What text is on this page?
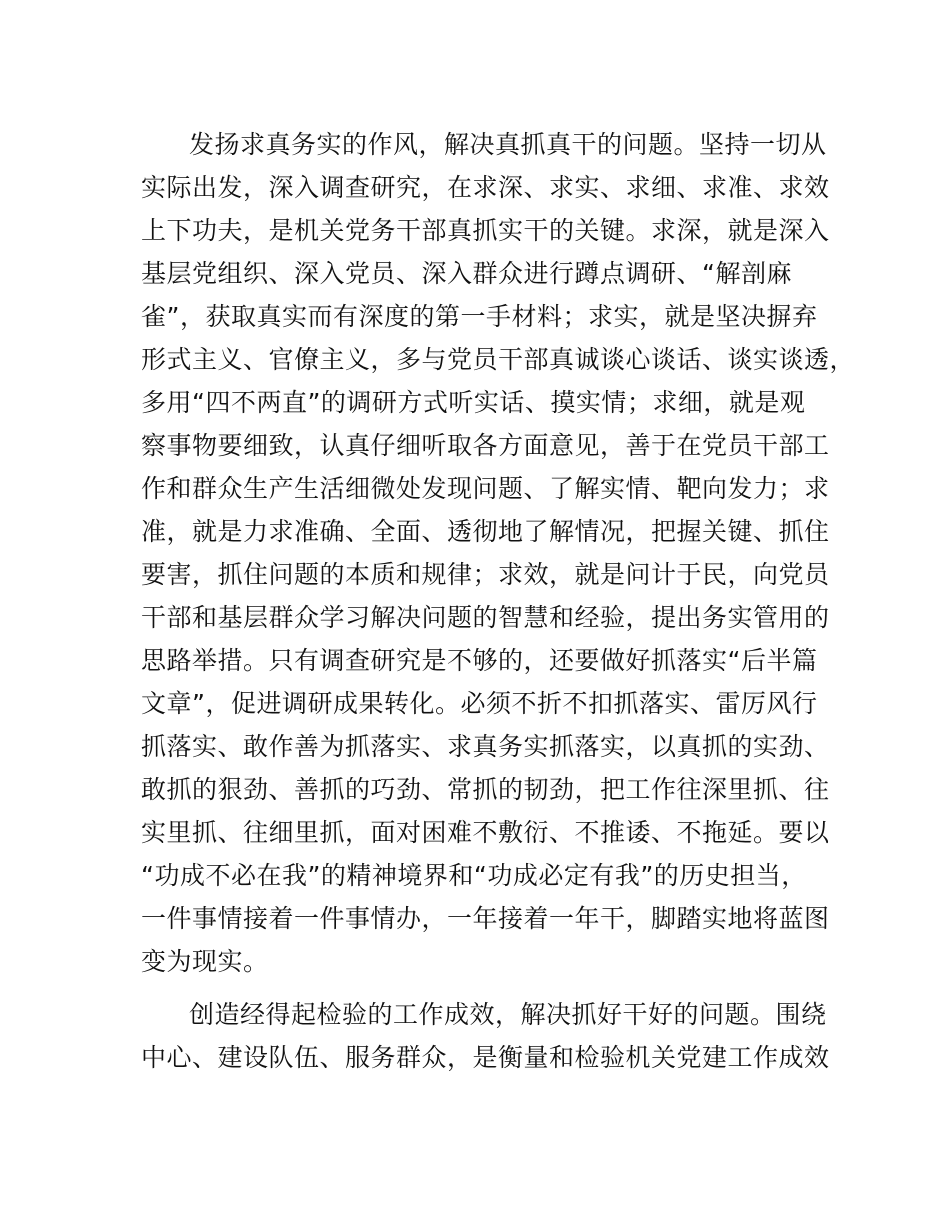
发扬求真务实的作风，解决真抓真干的问题。坚持一切从
实际出发，深入调查研究，在求深、求实、求细、求准、求效
上下功夫，是机关党务干部真抓实干的关键。求深，就是深入
基层党组织、深入党员、深入群众进行蹲点调研、“解剖麻
雀”，获取真实而有深度的第一手材料；求实，就是坚决摒弃
形式主义、官僚主义，多与党员干部真诚谈心谈话、谈实谈透，
多用“四不两直”的调研方式听实话、摸实情；求细，就是观
察事物要细致，认真仔细听取各方面意见，善于在党员干部工
作和群众生产生活细微处发现问题、了解实情、靶向发力；求
准，就是力求准确、全面、透彻地了解情况，把握关键、抓住
要害，抓住问题的本质和规律；求效，就是问计于民，向党员
干部和基层群众学习解决问题的智慧和经验，提出务实管用的
思路举措。只有调查研究是不够的，还要做好抓落实“后半篇
文章”，促进调研成果转化。必须不折不扣抓落实、雷厉风行
抓落实、敢作善为抓落实、求真务实抓落实，以真抓的实劲、
敢抓的狠劲、善抓的巧劲、常抓的韧劲，把工作往深里抓、往
实里抓、往细里抓，面对困难不敷衍、不推诿、不拖延。要以
“功成不必在我”的精神境界和“功成必定有我”的历史担当，
一件事情接着一件事情办，一年接着一年干，脚踏实地将蓝图
变为现实。
创造经得起检验的工作成效，解决抓好干好的问题。围绕
中心、建设队伍、服务群众，是衡量和检验机关党建工作成效
